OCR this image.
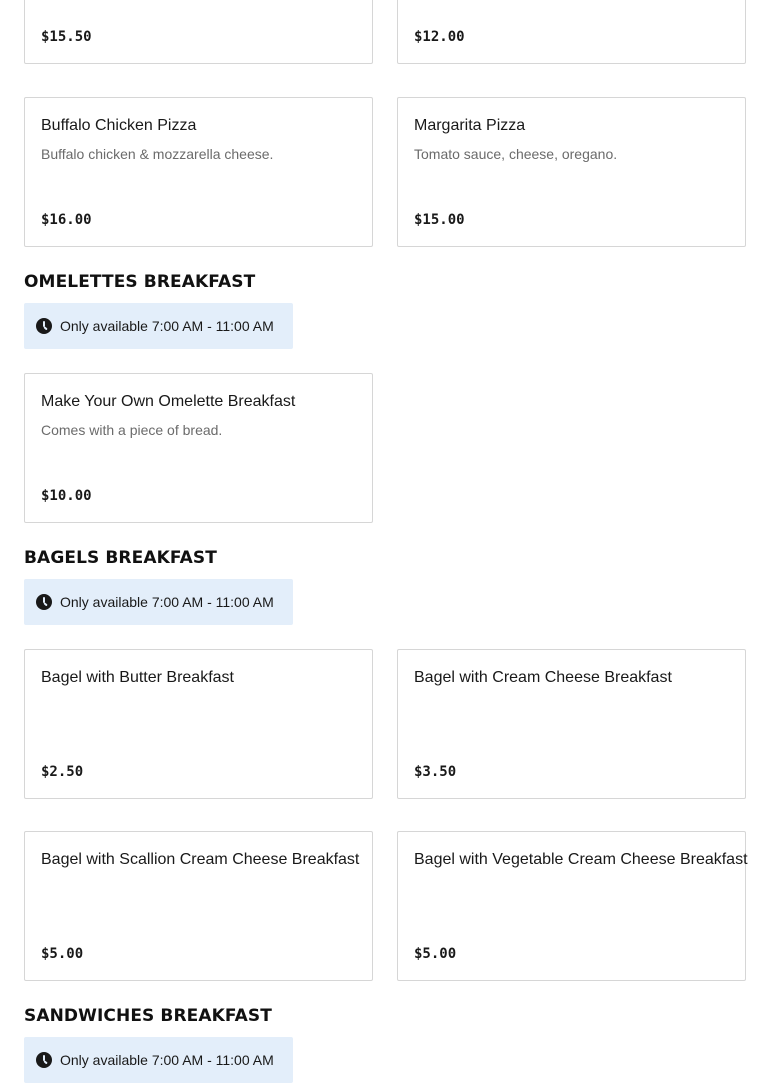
$15.50	$12.00
Buffalo Chicken Pizza
Buffalo chicken & mozzarella cheese.
$16.00
Margarita Pizza
Tomato sauce, cheese, oregano.
$15.00
OMELETTES BREAKFAST
Only available 7:00 AM - 11:00 AM
Make Your Own Omelette Breakfast
Comes with a piece of bread.
$10.00
BAGELS BREAKFAST
Only available 7:00 AM - 11:00 AM
Bagel with Butter Breakfast
$2.50
Bagel with Cream Cheese Breakfast
$3.50
Bagel with Scallion Cream Cheese Breakfast
$5.00
Bagel with Vegetable Cream Cheese Breakfast
$5.00
SANDWICHES BREAKFAST
Only available 7:00 AM - 11:00 AM
